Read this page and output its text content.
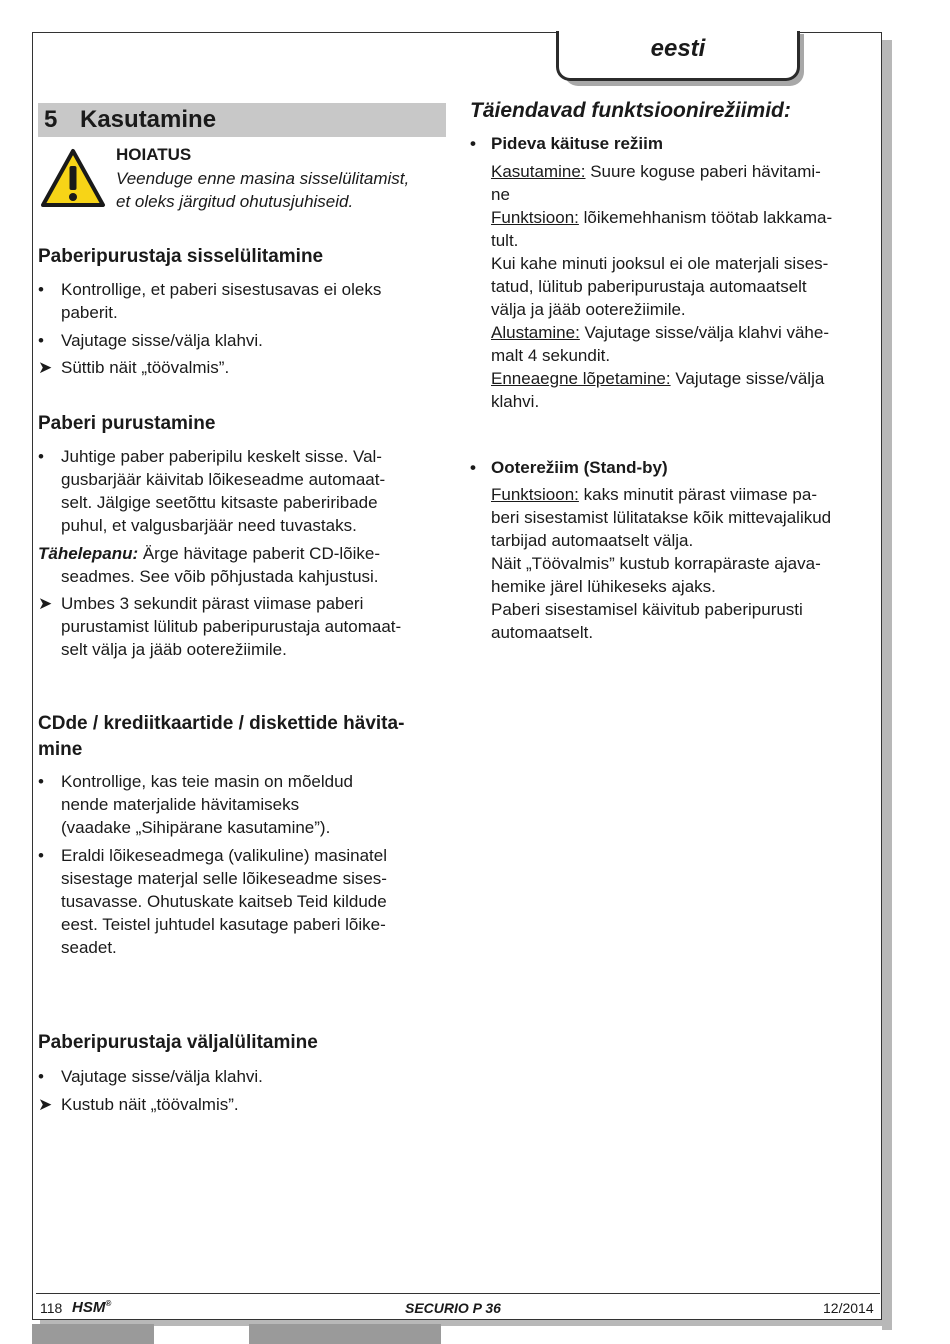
eesti
5 Kasutamine
HOIATUS
Veenduge enne masina sisselülitamist,
et oleks järgitud ohutusjuhiseid.
Paberipurustaja sisselülitamine
•	Kontrollige, et paberi sisestusavas ei oleks
paberit.
•	Vajutage sisse/välja klahvi.
➤ Süttib näit „töövalmis”.
Paberi purustamine
•	Juhtige paber paberipilu keskelt sisse. Val-
gusbarjäär käivitab lõikeseadme automaat-
selt. Jälgige seetõttu kitsaste paberiribade
puhul, et valgusbarjäär need tuvastaks.
Tähelepanu: Ärge hävitage paberit CD-lõike-
seadmes. See võib põhjustada kahjustusi.
➤ Umbes 3 sekundit pärast viimase paberi
purustamist lülitub paberipurustaja automaat-
selt välja ja jääb ooterežiimile.
CDde / krediitkaartide / diskettide hävita-
mine
•	Kontrollige, kas teie masin on mõeldud
nende materjalide hävitamiseks
(vaadake „Sihipärane kasutamine”).
•	Eraldi lõikeseadmega (valikuline) masinatel
sisestage materjal selle lõikeseadme sises-
tusavasse. Ohutuskate kaitseb Teid kildude
eest. Teistel juhtudel kasutage paberi lõike-
seadet.
Paberipurustaja väljalülitamine
•	Vajutage sisse/välja klahvi.
➤ Kustub näit „töövalmis”.
Täiendavad funktsioonirežiimid:
• Pideva käituse režiim
Kasutamine: Suure koguse paberi hävitami-
ne
Funktsioon: lõikemehhanism töötab lakkama-
tult.
Kui kahe minuti jooksul ei ole materjali sises-
tatud, lülitub paberipurustaja automaatselt
välja ja jääb ooterežiimile.
Alustamine: Vajutage sisse/välja klahvi vähe-
malt 4 sekundit.
Enneaegne lõpetamine: Vajutage sisse/välja
klahvi.
• Ooterežiim (Stand-by)
Funktsioon: kaks minutit pärast viimase pa-
beri sisestamist lülitatakse kõik mittevajalikud
tarbijad automaatselt välja.
Näit „Töövalmis” kustub korrapäraste ajava-
hemike järel lühikeseks ajaks.
Paberi sisestamisel käivitub paberipurusti
automaatselt.
118 HSM®	SECURIO P 36	12/2014
